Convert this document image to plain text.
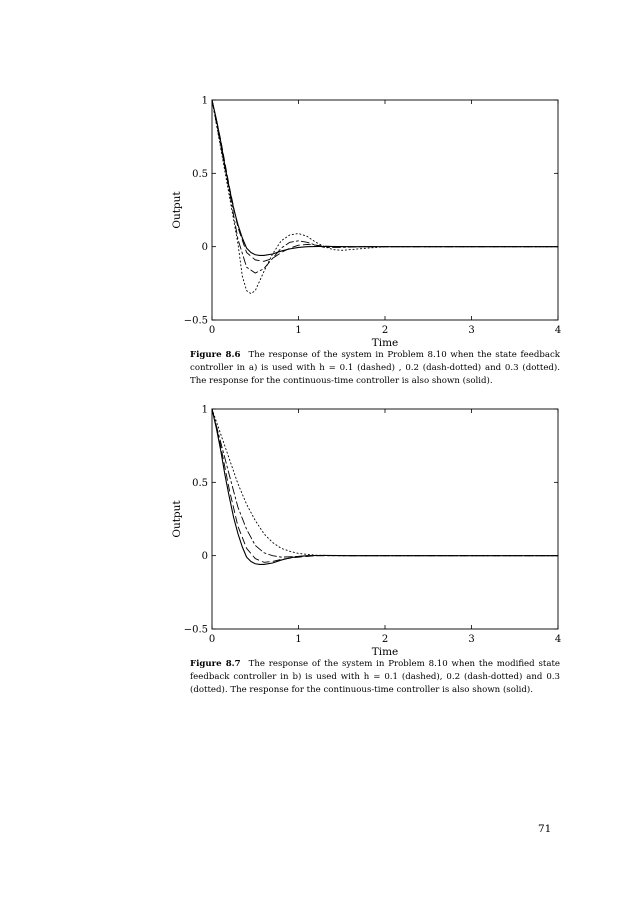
0	1	2	3	4
−0.5
0
0.5
1
Time
Output
Figure 8.6 The response of the system in Problem 8.10 when the state feedback controller in a) is used with h = 0.1 (dashed) , 0.2 (dash-dotted) and 0.3 (dotted). The response for the continuous-time controller is also shown (solid).
0	1	2	3	4
−0.5
0
0.5
1
Time
Output
Figure 8.7 The response of the system in Problem 8.10 when the modified state feedback controller in b) is used with h = 0.1 (dashed), 0.2 (dash-dotted) and 0.3 (dotted). The response for the continuous-time controller is also shown (solid).
71
